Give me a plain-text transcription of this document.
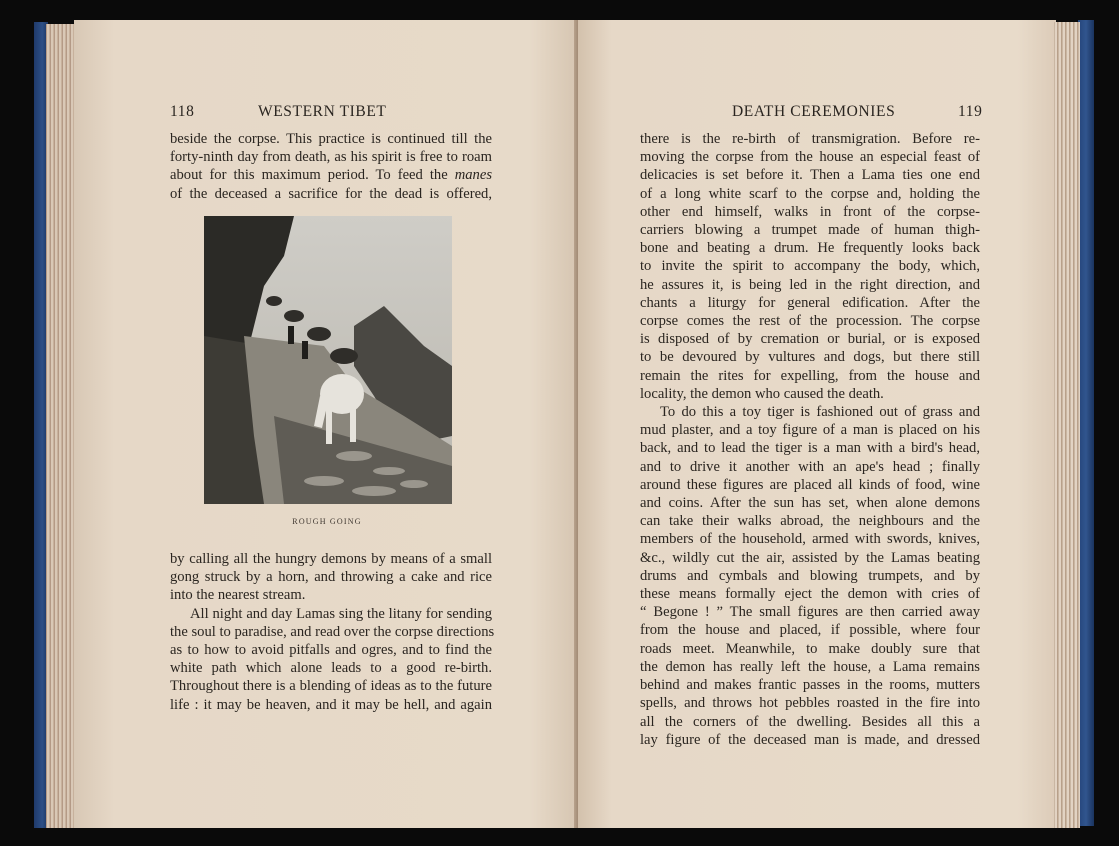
118	WESTERN TIBET
beside the corpse. This practice is continued till the
forty-ninth day from death, as his spirit is free to roam
about for this maximum period. To feed the manes
of the deceased a sacrifice for the dead is offered,
ROUGH GOING
by calling all the hungry demons by means of a small
gong struck by a horn, and throwing a cake and rice
into the nearest stream.
All night and day Lamas sing the litany for sending
the soul to paradise, and read over the corpse directions
as to how to avoid pitfalls and ogres, and to find the
white path which alone leads to a good re-birth.
Throughout there is a blending of ideas as to the future
life : it may be heaven, and it may be hell, and again
DEATH CEREMONIES	119
there is the re-birth of transmigration. Before re-
moving the corpse from the house an especial feast of
delicacies is set before it. Then a Lama ties one end
of a long white scarf to the corpse and, holding the
other end himself, walks in front of the corpse-
carriers blowing a trumpet made of human thigh-
bone and beating a drum. He frequently looks back
to invite the spirit to accompany the body, which,
he assures it, is being led in the right direction, and
chants a liturgy for general edification. After the
corpse comes the rest of the procession. The corpse
is disposed of by cremation or burial, or is exposed
to be devoured by vultures and dogs, but there still
remain the rites for expelling, from the house and
locality, the demon who caused the death.
To do this a toy tiger is fashioned out of grass and
mud plaster, and a toy figure of a man is placed on his
back, and to lead the tiger is a man with a bird's head,
and to drive it another with an ape's head ; finally
around these figures are placed all kinds of food, wine
and coins. After the sun has set, when alone demons
can take their walks abroad, the neighbours and the
members of the household, armed with swords, knives,
&c., wildly cut the air, assisted by the Lamas beating
drums and cymbals and blowing trumpets, and by
these means formally eject the demon with cries of
“ Begone ! ” The small figures are then carried away
from the house and placed, if possible, where four
roads meet. Meanwhile, to make doubly sure that
the demon has really left the house, a Lama remains
behind and makes frantic passes in the rooms, mutters
spells, and throws hot pebbles roasted in the fire into
all the corners of the dwelling. Besides all this a
lay figure of the deceased man is made, and dressed
